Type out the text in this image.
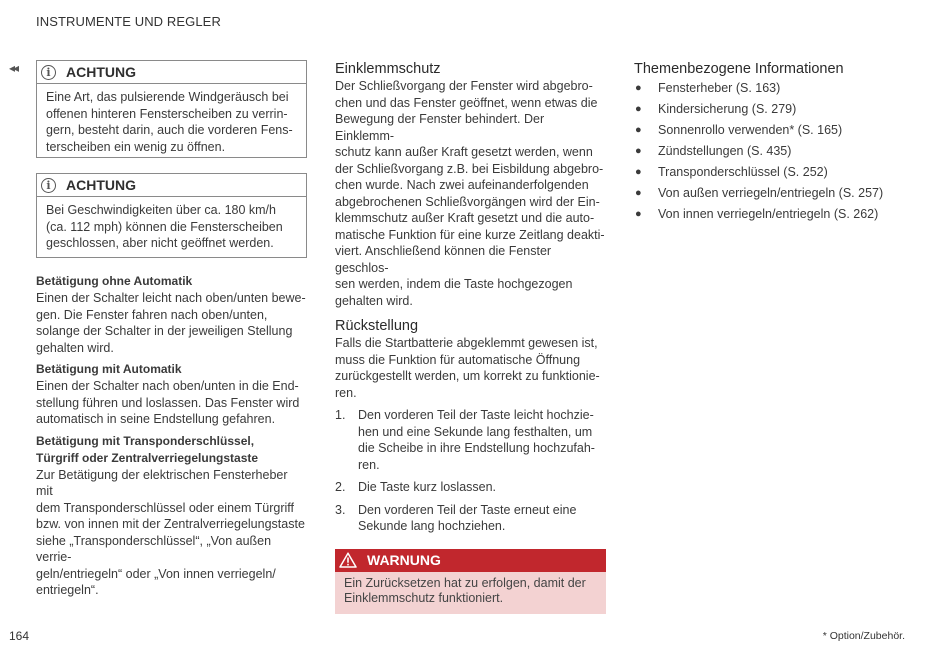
INSTRUMENTE UND REGLER
◂◂	i	ACHTUNG
Eine Art, das pulsierende Windgeräusch bei
offenen hinteren Fensterscheiben zu verrin-
gern, besteht darin, auch die vorderen Fens-
terscheiben ein wenig zu öffnen.
i	ACHTUNG
Bei Geschwindigkeiten über ca. 180 km/h
(ca. 112 mph) können die Fensterscheiben
geschlossen, aber nicht geöffnet werden.
Betätigung ohne Automatik
Einen der Schalter leicht nach oben/unten bewe-
gen. Die Fenster fahren nach oben/unten,
solange der Schalter in der jeweiligen Stellung
gehalten wird.
Betätigung mit Automatik
Einen der Schalter nach oben/unten in die End-
stellung führen und loslassen. Das Fenster wird
automatisch in seine Endstellung gefahren.
Betätigung mit Transponderschlüssel,
Türgriff oder Zentralverriegelungstaste
Zur Betätigung der elektrischen Fensterheber mit
dem Transponderschlüssel oder einem Türgriff
bzw. von innen mit der Zentralverriegelungstaste
siehe „Transponderschlüssel“, „Von außen verrie-
geln/entriegeln“ oder „Von innen verriegeln/
entriegeln“.
Einklemmschutz
Der Schließvorgang der Fenster wird abgebro-
chen und das Fenster geöffnet, wenn etwas die
Bewegung der Fenster behindert. Der Einklemm-
schutz kann außer Kraft gesetzt werden, wenn
der Schließvorgang z.B. bei Eisbildung abgebro-
chen wurde. Nach zwei aufeinanderfolgenden
abgebrochenen Schließvorgängen wird der Ein-
klemmschutz außer Kraft gesetzt und die auto-
matische Funktion für eine kurze Zeitlang deakti-
viert. Anschließend können die Fenster geschlos-
sen werden, indem die Taste hochgezogen
gehalten wird.
Rückstellung
Falls die Startbatterie abgeklemmt gewesen ist,
muss die Funktion für automatische Öffnung
zurückgestellt werden, um korrekt zu funktionie-
ren.
1.	Den vorderen Teil der Taste leicht hochzie-
hen und eine Sekunde lang festhalten, um
die Scheibe in ihre Endstellung hochzufah-
ren.
2.	Die Taste kurz loslassen.
3.	Den vorderen Teil der Taste erneut eine
Sekunde lang hochziehen.
WARNUNG
Ein Zurücksetzen hat zu erfolgen, damit der
Einklemmschutz funktioniert.
Themenbezogene Informationen
●	Fensterheber (S. 163)
●	Kindersicherung (S. 279)
●	Sonnenrollo verwenden* (S. 165)
●	Zündstellungen (S. 435)
●	Transponderschlüssel (S. 252)
●	Von außen verriegeln/entriegeln (S. 257)
●	Von innen verriegeln/entriegeln (S. 262)
164	* Option/Zubehör.
